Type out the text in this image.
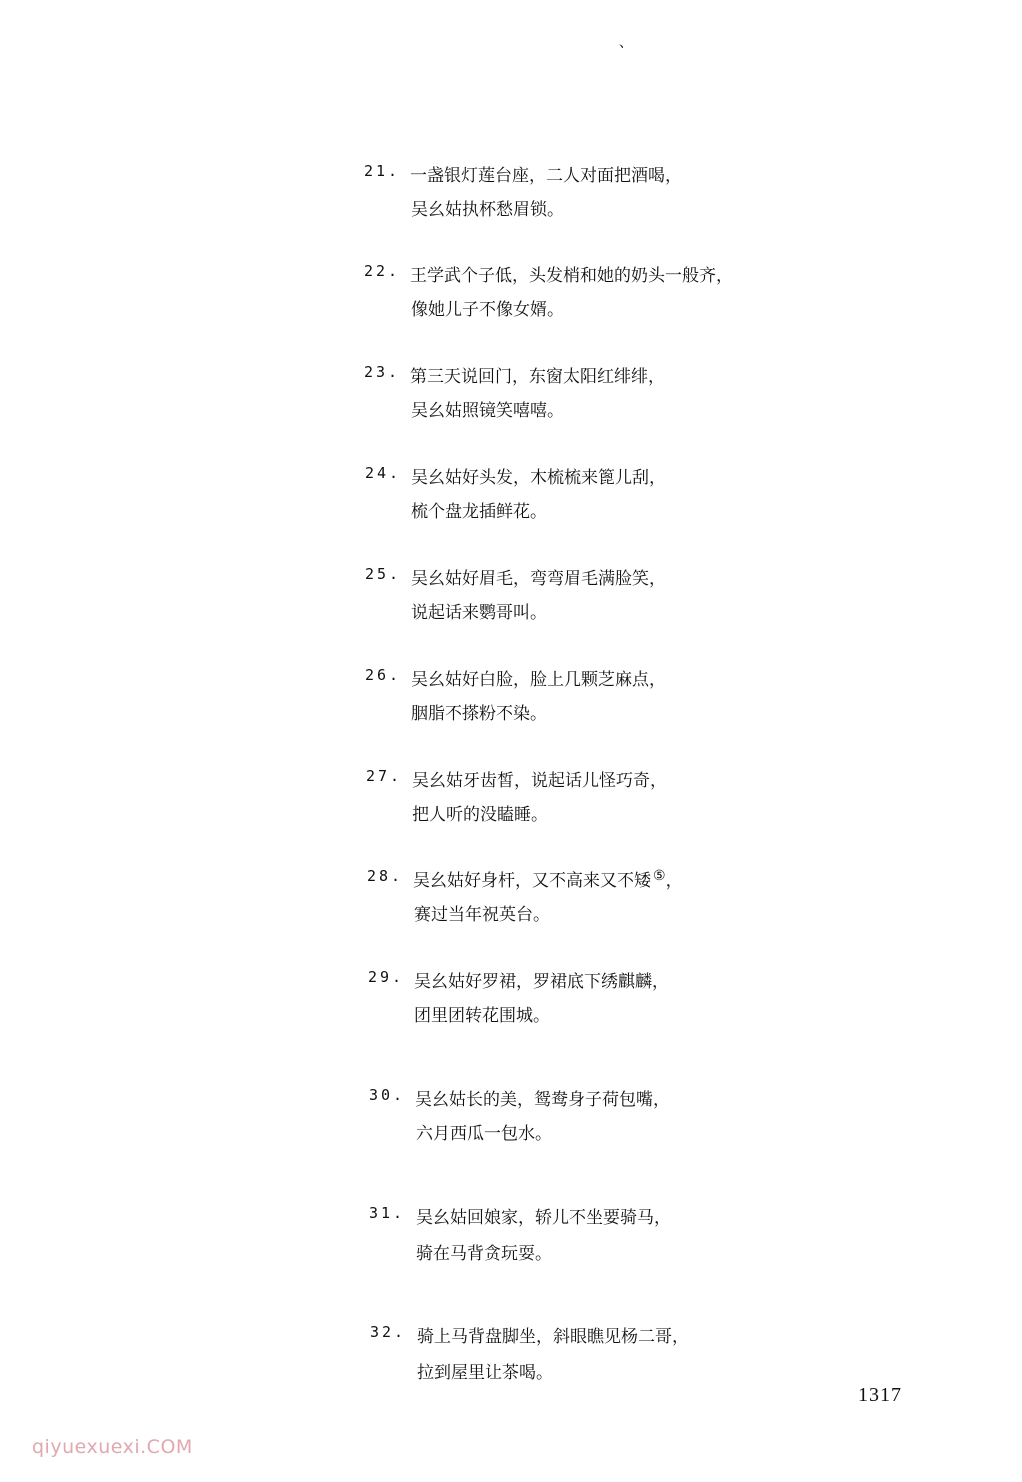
、
21. 一盏银灯莲台座，二人对面把酒喝，
吴幺姑执杯愁眉锁。
22. 王学武个子低，头发梢和她的奶头一般齐，
像她儿子不像女婿。
23. 第三天说回门，东窗太阳红绯绯，
吴幺姑照镜笑嘻嘻。
24. 吴幺姑好头发，木梳梳来篦儿刮，
梳个盘龙插鲜花。
25. 吴幺姑好眉毛，弯弯眉毛满脸笑，
说起话来鹦哥叫。
26. 吴幺姑好白脸，脸上几颗芝麻点，
胭脂不搽粉不染。
27. 吴幺姑牙齿皙，说起话儿怪巧奇，
把人听的没瞌睡。
28. 吴幺姑好身杆，又不高来又不矮 ⑤，
赛过当年祝英台。
29. 吴幺姑好罗裙，罗裙底下绣麒麟，
团里团转花围城。
30. 吴幺姑长的美，鸳鸯身子荷包嘴，
六月西瓜一包水。
31. 吴幺姑回娘家，轿儿不坐要骑马，
骑在马背贪玩耍。
32. 骑上马背盘脚坐，斜眼瞧见杨二哥，
拉到屋里让茶喝。
1317
qiyuexuexi.COM
